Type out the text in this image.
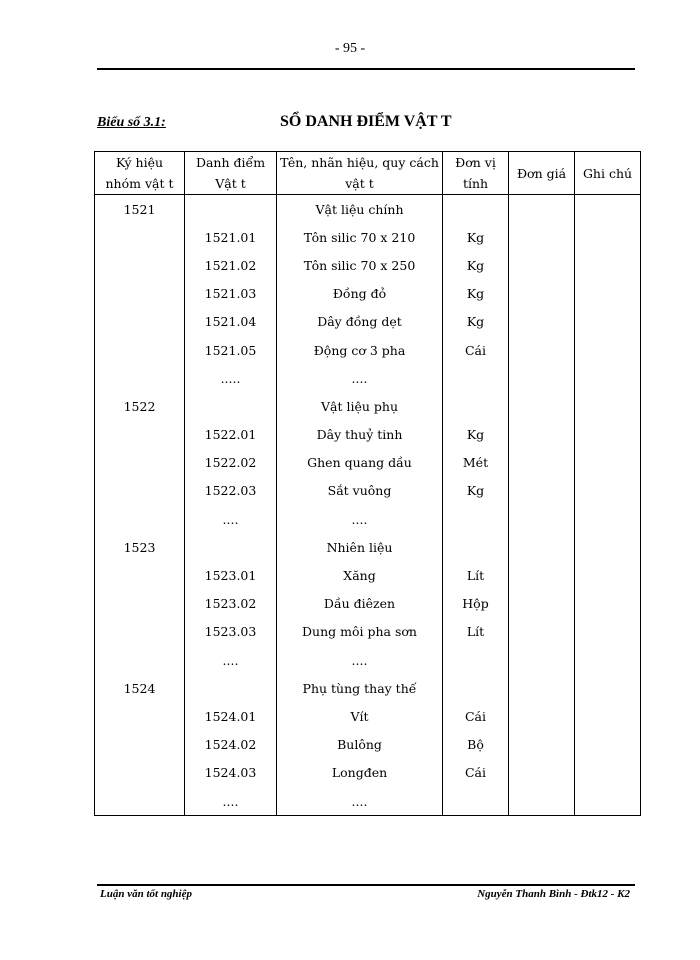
- 95 -
Biểu số 3.1:	SỔ DANH ĐIỂM VẬT T
Ký hiệu nhóm vật t	Danh điểm Vật t	Tên, nhãn hiệu, quy cách vật t	Đơn vị tính	Đơn giá	Ghi chú
1521		Vật liệu chính			
	1521.01	Tôn silic 70 x 210	Kg		
	1521.02	Tôn silic 70 x 250	Kg		
	1521.03	Đồng đỏ	Kg		
	1521.04	Dây đồng dẹt	Kg		
	1521.05	Động cơ 3 pha	Cái		
	.....	....			
1522		Vật liệu phụ			
	1522.01	Dây thuỷ tinh	Kg		
	1522.02	Ghen quang dầu	Mét		
	1522.03	Sắt vuông	Kg		
	....	....			
1523		Nhiên liệu			
	1523.01	Xăng	Lít		
	1523.02	Dầu điêzen	Hộp		
	1523.03	Dung môi pha sơn	Lít		
	....	....			
1524		Phụ tùng thay thế			
	1524.01	Vít	Cái		
	1524.02	Bulông	Bộ		
	1524.03	Longđen	Cái		
	....	....			
Luận văn tốt nghiệp	Nguyễn Thanh Bình - Đtk12 - K2
